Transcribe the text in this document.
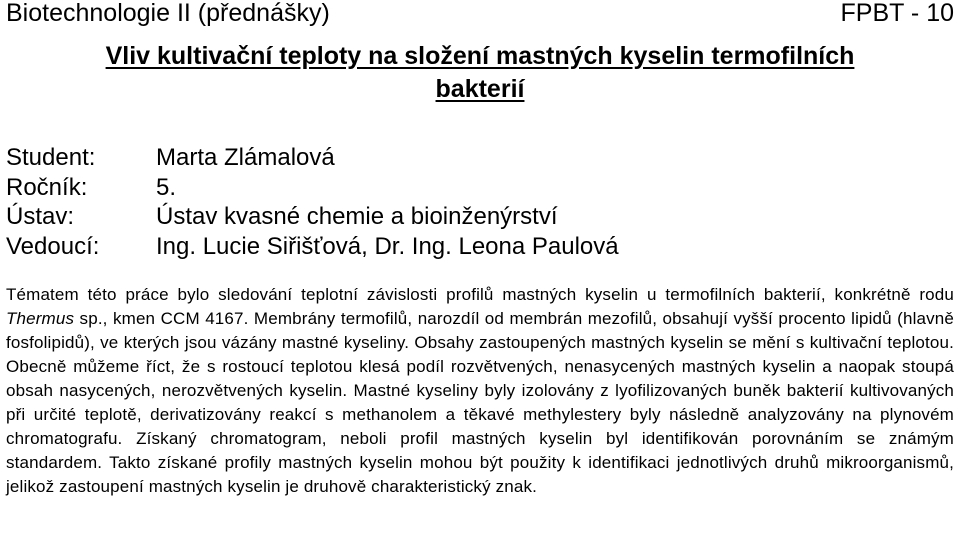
Biotechnologie II (přednášky)	FPBT - 10
Vliv kultivační teploty na složení mastných kyselin termofilních
bakterií
Student:	Marta Zlámalová
Ročník:	5.
Ústav:	Ústav kvasné chemie a bioinženýrství
Vedoucí:	Ing. Lucie Siřišťová, Dr. Ing. Leona Paulová

Tématem této práce bylo sledování teplotní závislosti profilů mastných kyselin u termofilních bakterií, konkrétně rodu Thermus sp., kmen CCM 4167. Membrány termofilů, narozdíl od membrán mezofilů, obsahují vyšší procento lipidů (hlavně fosfolipidů), ve kterých jsou vázány mastné kyseliny. Obsahy zastoupených mastných kyselin se mění s kultivační teplotou. Obecně můžeme říct, že s rostoucí teplotou klesá podíl rozvětvených, nenasycených mastných kyselin a naopak stoupá obsah nasycených, nerozvětvených kyselin. Mastné kyseliny byly izolovány z lyofilizovaných buněk bakterií kultivovaných při určité teplotě, derivatizovány reakcí s methanolem a těkavé methylestery byly následně analyzovány na plynovém chromatografu. Získaný chromatogram, neboli profil mastných kyselin byl identifikován porovnáním se známým standardem. Takto získané profily mastných kyselin mohou být použity k identifikaci jednotlivých druhů mikroorganismů, jelikož zastoupení mastných kyselin je druhově charakteristický znak.
